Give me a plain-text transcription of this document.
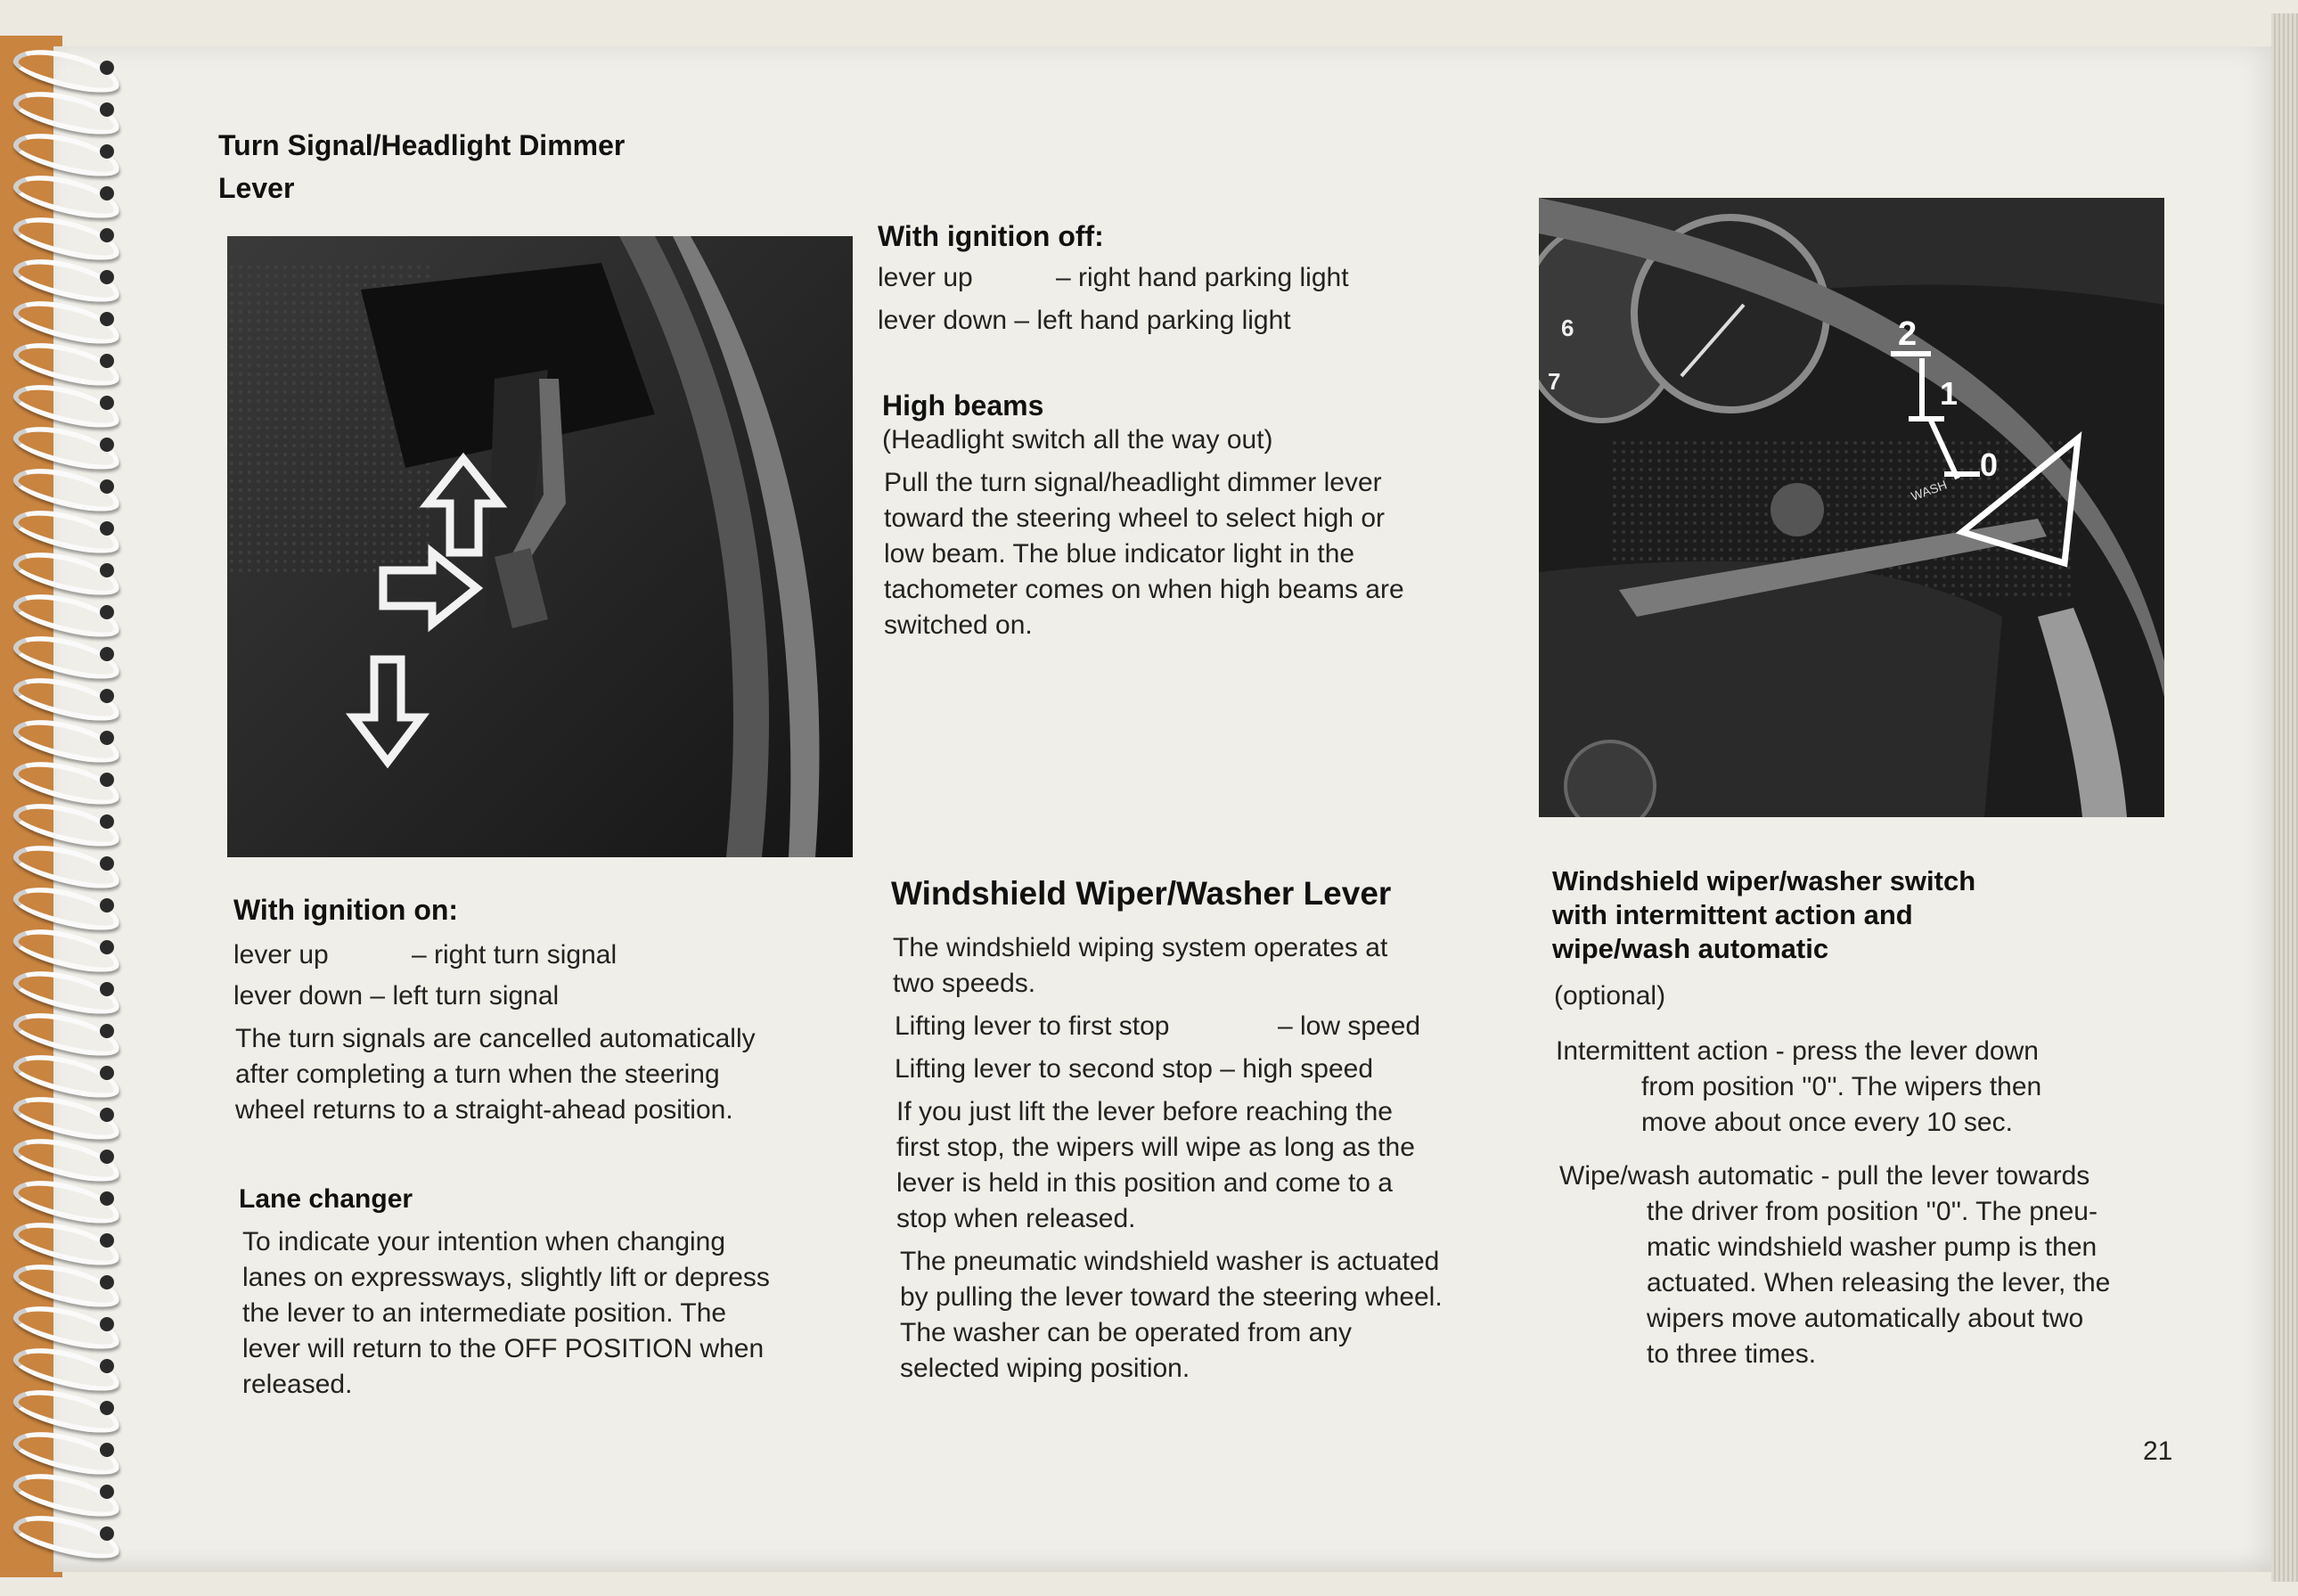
Turn Signal/Headlight Dimmer
Lever
With ignition on:
lever up	– right turn signal
lever down – left turn signal
The turn signals are cancelled automatically
after completing a turn when the steering
wheel returns to a straight-ahead position.
Lane changer
To indicate your intention when changing
lanes on expressways, slightly lift or depress
the lever to an intermediate position. The
lever will return to the OFF POSITION when
released.
With ignition off:
lever up	– right hand parking light
lever down – left hand parking light
High beams
(Headlight switch all the way out)
Pull the turn signal/headlight dimmer lever
toward the steering wheel to select high or
low beam. The blue indicator light in the
tachometer comes on when high beams are
switched on.
Windshield Wiper/Washer Lever
The windshield wiping system operates at
two speeds.
Lifting lever to first stop	– low speed
Lifting lever to second stop – high speed
If you just lift the lever before reaching the
first stop, the wipers will wipe as long as the
lever is held in this position and come to a
stop when released.
The pneumatic windshield washer is actuated
by pulling the lever toward the steering wheel.
The washer can be operated from any
selected wiping position.
2
1
0
6
7
WASH
Windshield wiper/washer switch
with intermittent action and
wipe/wash automatic
(optional)
Intermittent action - press the lever down
from position ''0''. The wipers then
move about once every 10 sec.
Wipe/wash automatic - pull the lever towards
the driver from position ''0''. The pneu-
matic windshield washer pump is then
actuated. When releasing the lever, the
wipers move automatically about two
to three times.
21
